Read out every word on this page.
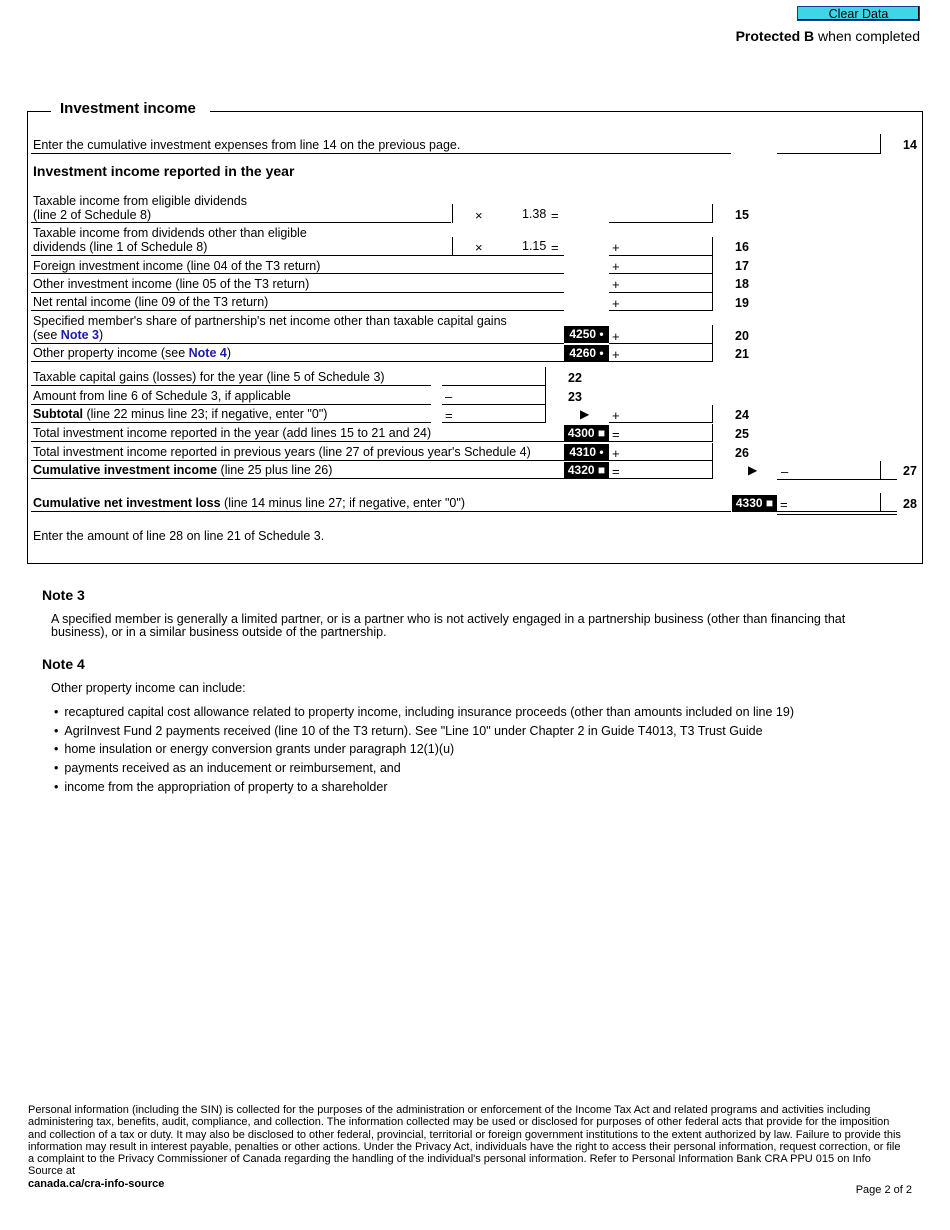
Clear Data
Protected B when completed
Investment income
Enter the cumulative investment expenses from line 14 on the previous page.	14
Investment income reported in the year
Taxable income from eligible dividends
(line 2 of Schedule 8)	×	1.38 =	15
Taxable income from dividends other than eligible
dividends (line 1 of Schedule 8)	×	1.15 =	+	16
Foreign investment income (line 04 of the T3 return)	+	17
Other investment income (line 05 of the T3 return)	+	18
Net rental income (line 09 of the T3 return)	+	19
Specified member's share of partnership's net income other than taxable capital gains
(see Note 3)	4250 • +	20
Other property income (see Note 4)	4260 • +	21
Taxable capital gains (losses) for the year (line 5 of Schedule 3)	22
Amount from line 6 of Schedule 3, if applicable	–	23
Subtotal (line 22 minus line 23; if negative, enter "0")	=	▶ +	24
Total investment income reported in the year (add lines 15 to 21 and 24)	4300 ■ =	25
Total investment income reported in previous years (line 27 of previous year's Schedule 4)	4310 • +	26
Cumulative investment income (line 25 plus line 26)	4320 ■ =	▶ –	27
Cumulative net investment loss (line 14 minus line 27; if negative, enter "0")	4330 ■ =	28
Enter the amount of line 28 on line 21 of Schedule 3.
Note 3
A specified member is generally a limited partner, or is a partner who is not actively engaged in a partnership business (other than financing that business), or in a similar business outside of the partnership.
Note 4
Other property income can include:
• recaptured capital cost allowance related to property income, including insurance proceeds (other than amounts included on line 19)
• AgriInvest Fund 2 payments received (line 10 of the T3 return). See "Line 10" under Chapter 2 in Guide T4013, T3 Trust Guide
• home insulation or energy conversion grants under paragraph 12(1)(u)
• payments received as an inducement or reimbursement, and
• income from the appropriation of property to a shareholder
Personal information (including the SIN) is collected for the purposes of the administration or enforcement of the Income Tax Act and related programs and activities including administering tax, benefits, audit, compliance, and collection. The information collected may be used or disclosed for purposes of other federal acts that provide for the imposition and collection of a tax or duty. It may also be disclosed to other federal, provincial, territorial or foreign government institutions to the extent authorized by law. Failure to provide this information may result in interest payable, penalties or other actions. Under the Privacy Act, individuals have the right to access their personal information, request correction, or file a complaint to the Privacy Commissioner of Canada regarding the handling of the individual's personal information. Refer to Personal Information Bank CRA PPU 015 on Info Source at
canada.ca/cra-info-source
Page 2 of 2
